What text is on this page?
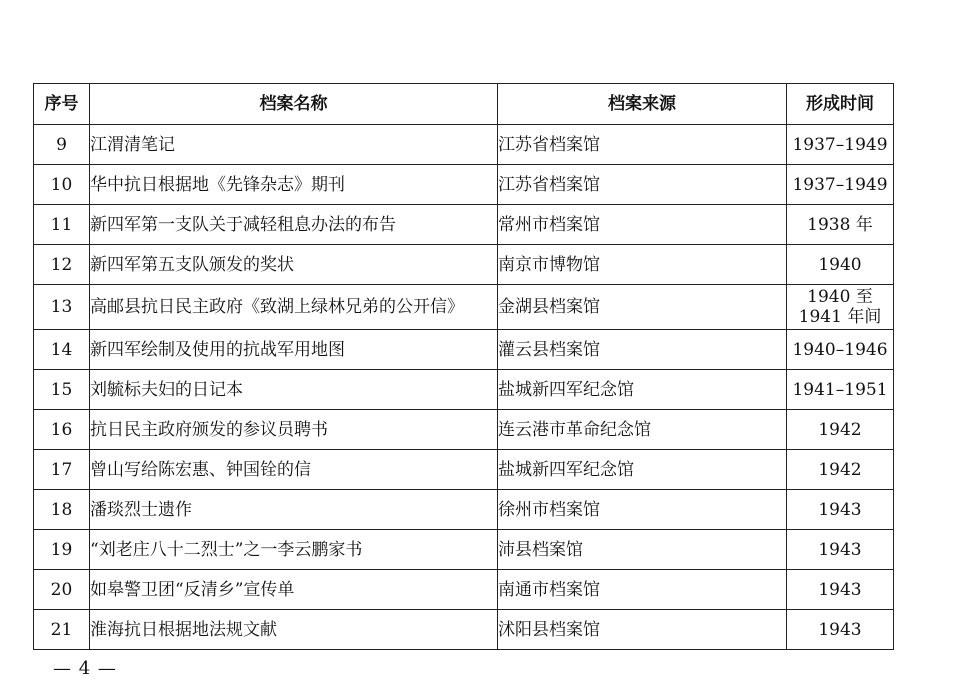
序号	档案名称	档案来源	形成时间
9	江渭清笔记	江苏省档案馆	1937–1949
10	华中抗日根据地《先锋杂志》期刊	江苏省档案馆	1937–1949
11	新四军第一支队关于减轻租息办法的布告	常州市档案馆	1938 年
12	新四军第五支队颁发的奖状	南京市博物馆	1940
13	高邮县抗日民主政府《致湖上绿林兄弟的公开信》	金湖县档案馆	1940 至 1941 年间
14	新四军绘制及使用的抗战军用地图	灌云县档案馆	1940–1946
15	刘毓标夫妇的日记本	盐城新四军纪念馆	1941–1951
16	抗日民主政府颁发的参议员聘书	连云港市革命纪念馆	1942
17	曾山写给陈宏惠、钟国铨的信	盐城新四军纪念馆	1942
18	潘琰烈士遗作	徐州市档案馆	1943
19	“刘老庄八十二烈士”之一李云鹏家书	沛县档案馆	1943
20	如皋警卫团“反清乡”宣传单	南通市档案馆	1943
21	淮海抗日根据地法规文献	沭阳县档案馆	1943
— 4 —
